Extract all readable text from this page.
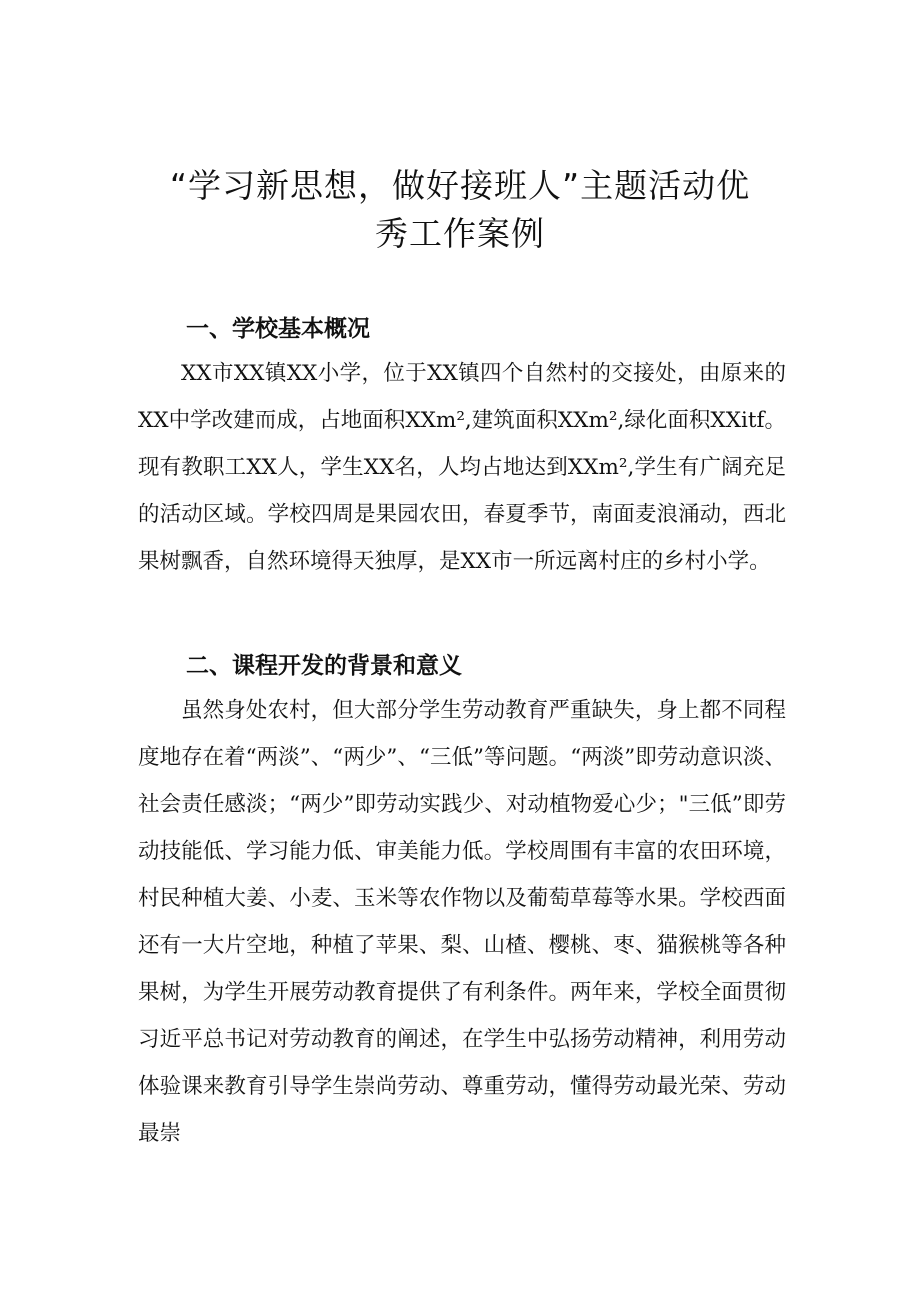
“学习新思想，做好接班人”主题活动优
秀工作案例
一、学校基本概况

XX市XX镇XX小学，位于XX镇四个自然村的交接处，由原来的XX中学改建而成，占地面积XXm²,建筑面积XXm²,绿化面积XXitf。现有教职工XX人，学生XX名，人均占地达到XXm²,学生有广阔充足的活动区域。学校四周是果园农田，春夏季节，南面麦浪涌动，西北果树飘香，自然环境得天独厚，是XX市一所远离村庄的乡村小学。

二、课程开发的背景和意义

虽然身处农村，但大部分学生劳动教育严重缺失，身上都不同程度地存在着“两淡”、“两少”、“三低”等问题。“两淡”即劳动意识淡、社会责任感淡；“两少”即劳动实践少、对动植物爱心少；"三低”即劳动技能低、学习能力低、审美能力低。学校周围有丰富的农田环境，村民种植大姜、小麦、玉米等农作物以及葡萄草莓等水果。学校西面还有一大片空地，种植了苹果、梨、山楂、樱桃、枣、猫猴桃等各种果树，为学生开展劳动教育提供了有利条件。两年来，学校全面贯彻习近平总书记对劳动教育的阐述，在学生中弘扬劳动精神，利用劳动体验课来教育引导学生崇尚劳动、尊重劳动，懂得劳动最光荣、劳动最崇
